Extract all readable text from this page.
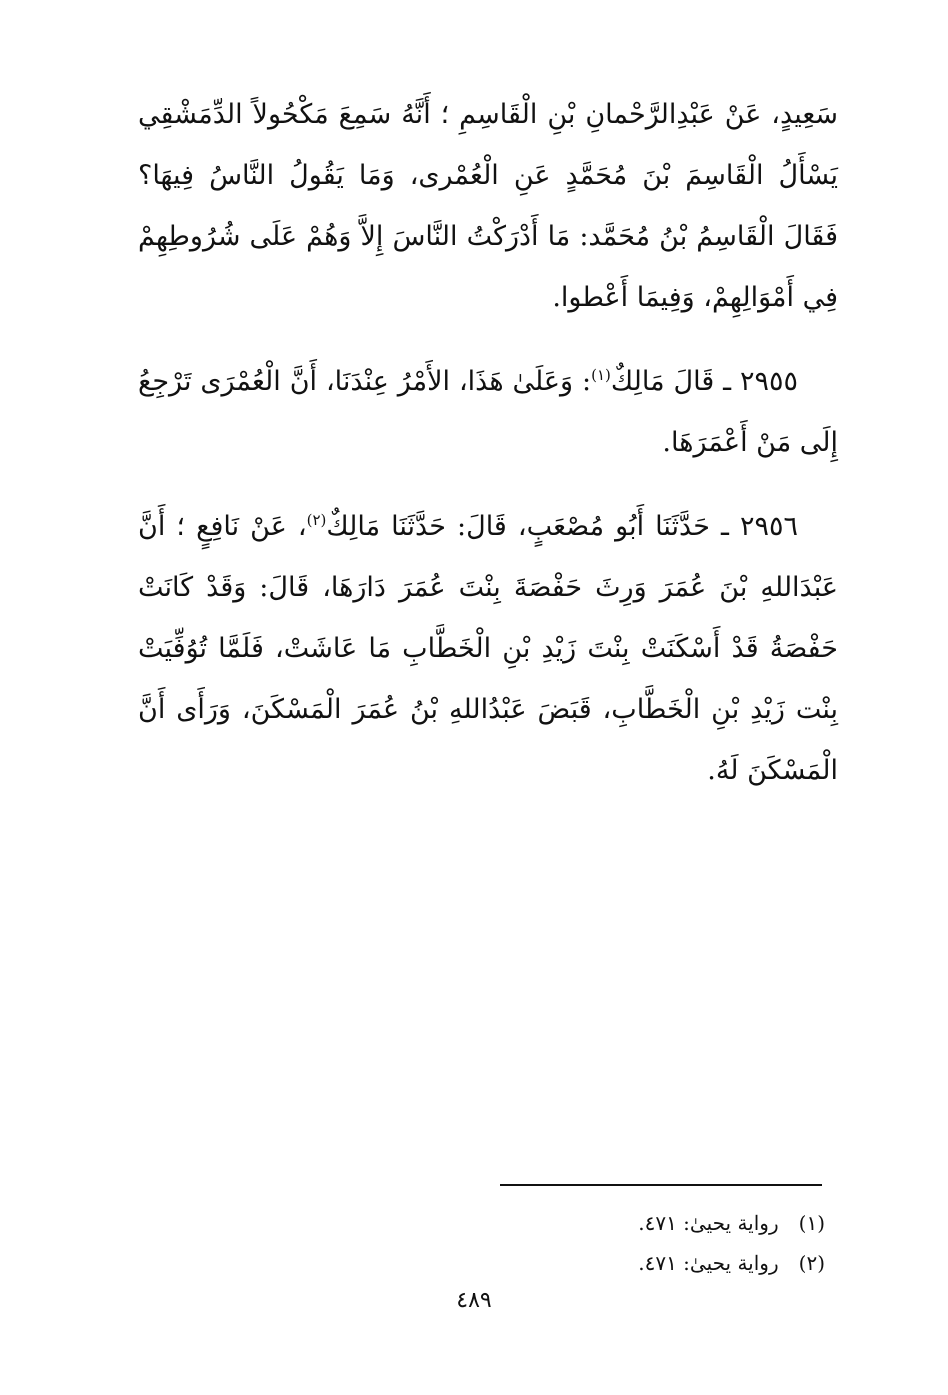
سَعِيدٍ، عَنْ عَبْدِالرَّحْمانِ بْنِ الْقَاسِمِ ؛ أَنَّهُ سَمِعَ مَكْحُولاً الدِّمَشْقِي يَسْأَلُ الْقَاسِمَ بْنَ مُحَمَّدٍ عَنِ الْعُمْرى، وَمَا يَقُولُ النَّاسُ فِيهَا؟ فَقَالَ الْقَاسِمُ بْنُ مُحَمَّد: مَا أَدْرَكْتُ النَّاسَ إِلاَّ وَهُمْ عَلَى شُرُوطِهِمْ فِي أَمْوَالِهِمْ، وَفِيمَا أَعْطوا.

٢٩٥٥ ـ قَالَ مَالِكٌ$^{(١)}$: وَعَلَىٰ هَذَا، الأَمْرُ عِنْدَنَا، أَنَّ الْعُمْرَى تَرْجِعُ إِلَى مَنْ أَعْمَرَهَا.

٢٩٥٦ ـ حَدَّثَنَا أَبُو مُصْعَبٍ، قَالَ: حَدَّثَنَا مَالِكٌ$^{(٢)}$، عَنْ نَافِعٍ ؛ أَنَّ عَبْدَاللهِ بْنَ عُمَرَ وَرِثَ حَفْصَةَ بِنْتَ عُمَرَ دَارَهَا، قَالَ: وَقَدْ كَانَتْ حَفْصَةُ قَدْ أَسْكَنَتْ بِنْتَ زَيْدِ بْنِ الْخَطَّابِ مَا عَاشَتْ، فَلَمَّا تُوُفِّيَتْ بِنْت زَيْدِ بْنِ الْخَطَّابِ، قَبَضَ عَبْدُاللهِ بْنُ عُمَرَ الْمَسْكَنَ، وَرَأَى أَنَّ الْمَسْكَنَ لَهُ.

(١)
رواية يحيىٰ: ٤٧١.
(٢)
رواية يحيىٰ: ٤٧١.
٤٨٩
